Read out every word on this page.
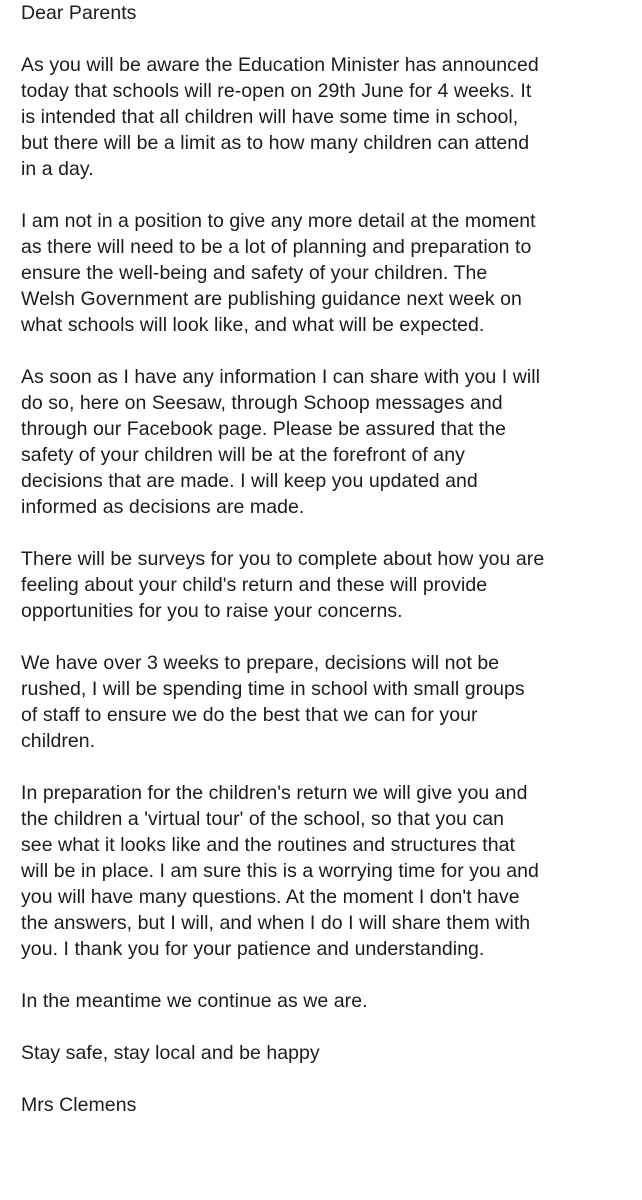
Dear Parents
As you will be aware the Education Minister has announced
today that schools will re-open on 29th June for 4 weeks. It
is intended that all children will have some time in school,
but there will be a limit as to how many children can attend
in a day.
I am not in a position to give any more detail at the moment
as there will need to be a lot of planning and preparation to
ensure the well-being and safety of your children. The
Welsh Government are publishing guidance next week on
what schools will look like, and what will be expected.
As soon as I have any information I can share with you I will
do so, here on Seesaw, through Schoop messages and
through our Facebook page. Please be assured that the
safety of your children will be at the forefront of any
decisions that are made. I will keep you updated and
informed as decisions are made.
There will be surveys for you to complete about how you are
feeling about your child's return and these will provide
opportunities for you to raise your concerns.
We have over 3 weeks to prepare, decisions will not be
rushed, I will be spending time in school with small groups
of staff to ensure we do the best that we can for your
children.
In preparation for the children's return we will give you and
the children a 'virtual tour' of the school, so that you can
see what it looks like and the routines and structures that
will be in place. I am sure this is a worrying time for you and
you will have many questions. At the moment I don't have
the answers, but I will, and when I do I will share them with
you. I thank you for your patience and understanding.
In the meantime we continue as we are.
Stay safe, stay local and be happy
Mrs Clemens
